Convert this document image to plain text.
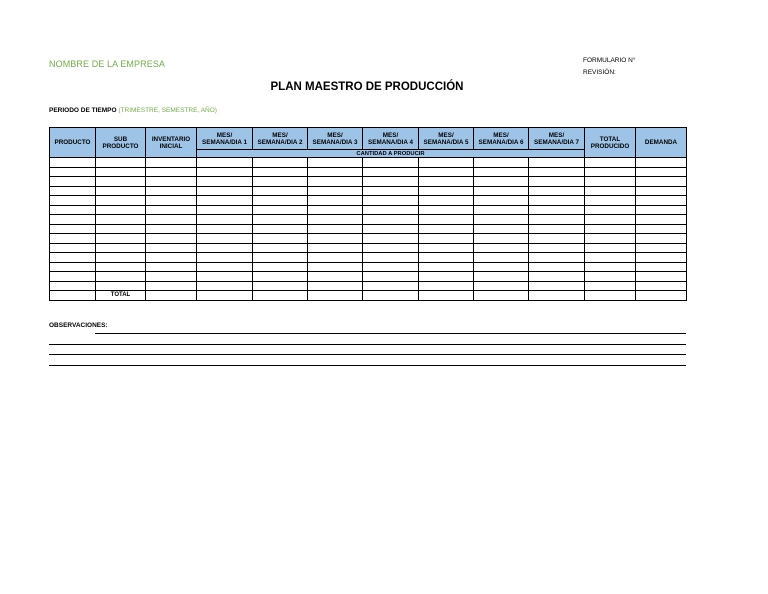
NOMBRE DE LA EMPRESA	FORMULARIO N°
REVISIÓN:
PLAN MAESTRO DE PRODUCCIÓN
PERIODO DE TIEMPO (TRIMESTRE, SEMESTRE, AÑO)
PRODUCTO	SUB PRODUCTO	INVENTARIO INICIAL	MES/
SEMANA/DIA 1	MES/
SEMANA/DIA 2	MES/
SEMANA/DIA 3	MES/
SEMANA/DIA 4	MES/
SEMANA/DIA 5	MES/
SEMANA/DIA 6	MES/
SEMANA/DIA 7	TOTAL PRODUCIDO	DEMANDA
			CANTIDAD A PRODUCIR								

	TOTAL										
OBSERVACIONES:
